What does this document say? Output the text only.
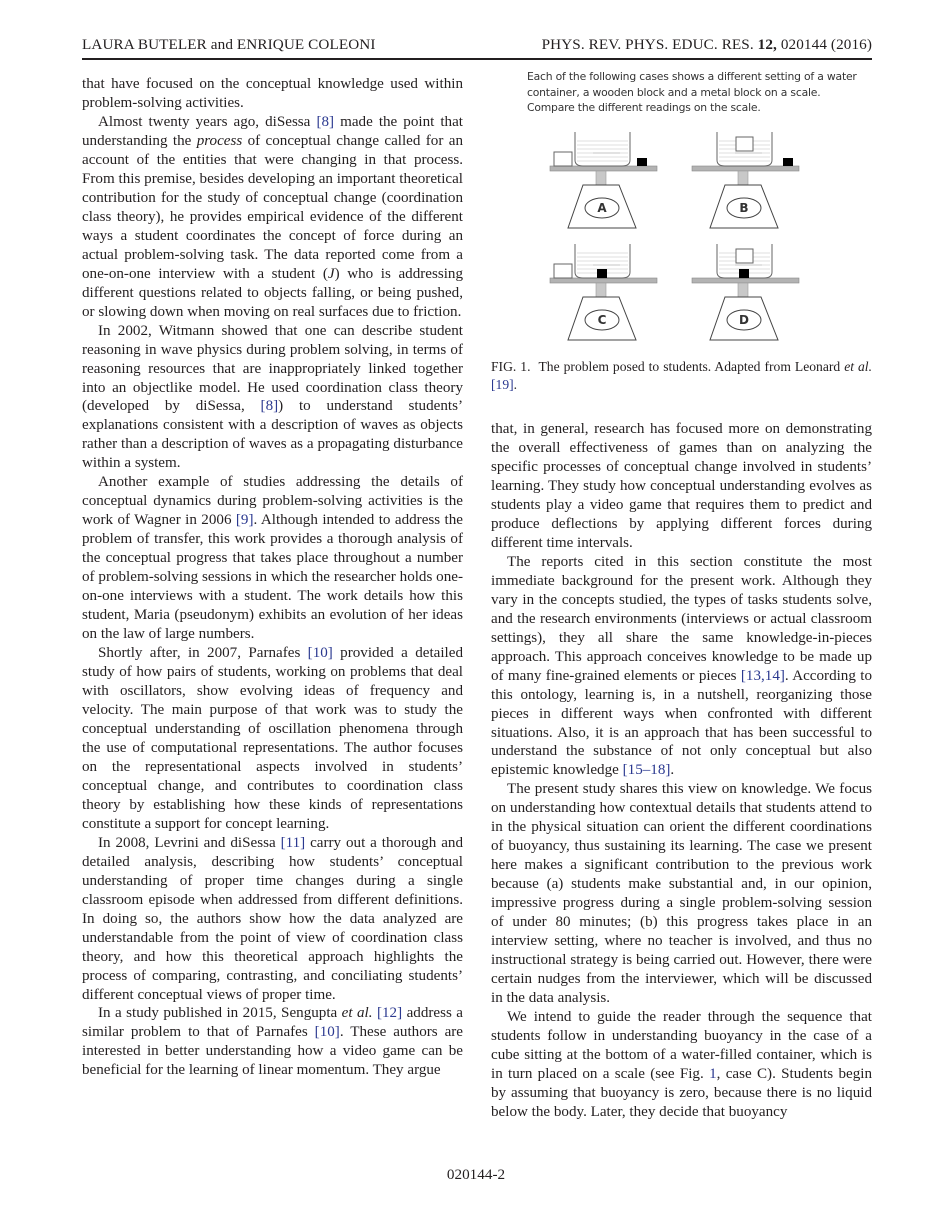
LAURA BUTELER and ENRIQUE COLEONI	PHYS. REV. PHYS. EDUC. RES. 12, 020144 (2016)

that have focused on the conceptual knowledge used within problem-solving activities.

Almost twenty years ago, diSessa [8] made the point that understanding the process of conceptual change called for an account of the entities that were changing in that process. From this premise, besides developing an important theoretical contribution for the study of conceptual change (coordination class theory), he provides empirical evidence of the different ways a student coordinates the concept of force during an actual problem-solving task. The data reported come from a one-on-one interview with a student (J) who is addressing different questions related to objects falling, or being pushed, or slowing down when moving on real surfaces due to friction.

In 2002, Witmann showed that one can describe student reasoning in wave physics during problem solving, in terms of reasoning resources that are inappropriately linked together into an objectlike model. He used coordination class theory (developed by diSessa, [8]) to understand students’ explanations consistent with a description of waves as objects rather than a description of waves as a propagating disturbance within a system.

Another example of studies addressing the details of conceptual dynamics during problem-solving activities is the work of Wagner in 2006 [9]. Although intended to address the problem of transfer, this work provides a thorough analysis of the conceptual progress that takes place throughout a number of problem-solving sessions in which the researcher holds one-on-one interviews with a student. The work details how this student, Maria (pseudonym) exhibits an evolution of her ideas on the law of large numbers.

Shortly after, in 2007, Parnafes [10] provided a detailed study of how pairs of students, working on problems that deal with oscillators, show evolving ideas of frequency and velocity. The main purpose of that work was to study the conceptual understanding of oscillation phenomena through the use of computational representations. The author focuses on the representational aspects involved in students’ conceptual change, and contributes to coordination class theory by establishing how these kinds of representations constitute a support for concept learning.

In 2008, Levrini and diSessa [11] carry out a thorough and detailed analysis, describing how students’ conceptual understanding of proper time changes during a single classroom episode when addressed from different definitions. In doing so, the authors show how the data analyzed are understandable from the point of view of coordination class theory, and how this theoretical approach highlights the process of comparing, contrasting, and conciliating students’ different conceptual views of proper time.

In a study published in 2015, Sengupta et al. [12] address a similar problem to that of Parnafes [10]. These authors are interested in better understanding how a video game can be beneficial for the learning of linear momentum. They argue

Each of the following cases shows a different setting of a water
container, a wooden block and a metal block on a scale.
Compare the different readings on the scale.
A	B
C	D
FIG. 1. The problem posed to students. Adapted from Leonard et al. [19].

that, in general, research has focused more on demonstrating the overall effectiveness of games than on analyzing the specific processes of conceptual change involved in students’ learning. They study how conceptual understanding evolves as students play a video game that requires them to predict and produce deflections by applying different forces during different time intervals.

The reports cited in this section constitute the most immediate background for the present work. Although they vary in the concepts studied, the types of tasks students solve, and the research environments (interviews or actual classroom settings), they all share the same knowledge-in-pieces approach. This approach conceives knowledge to be made up of many fine-grained elements or pieces [13,14]. According to this ontology, learning is, in a nutshell, reorganizing those pieces in different ways when confronted with different situations. Also, it is an approach that has been successful to understand the substance of not only conceptual but also epistemic knowledge [15–18].

The present study shares this view on knowledge. We focus on understanding how contextual details that students attend to in the physical situation can orient the different coordinations of buoyancy, thus sustaining its learning. The case we present here makes a significant contribution to the previous work because (a) students make substantial and, in our opinion, impressive progress during a single problem-solving session of under 80 minutes; (b) this progress takes place in an interview setting, where no teacher is involved, and thus no instructional strategy is being carried out. However, there were certain nudges from the interviewer, which will be discussed in the data analysis.

We intend to guide the reader through the sequence that students follow in understanding buoyancy in the case of a cube sitting at the bottom of a water-filled container, which is in turn placed on a scale (see Fig. 1, case C). Students begin by assuming that buoyancy is zero, because there is no liquid below the body. Later, they decide that buoyancy

020144-2
